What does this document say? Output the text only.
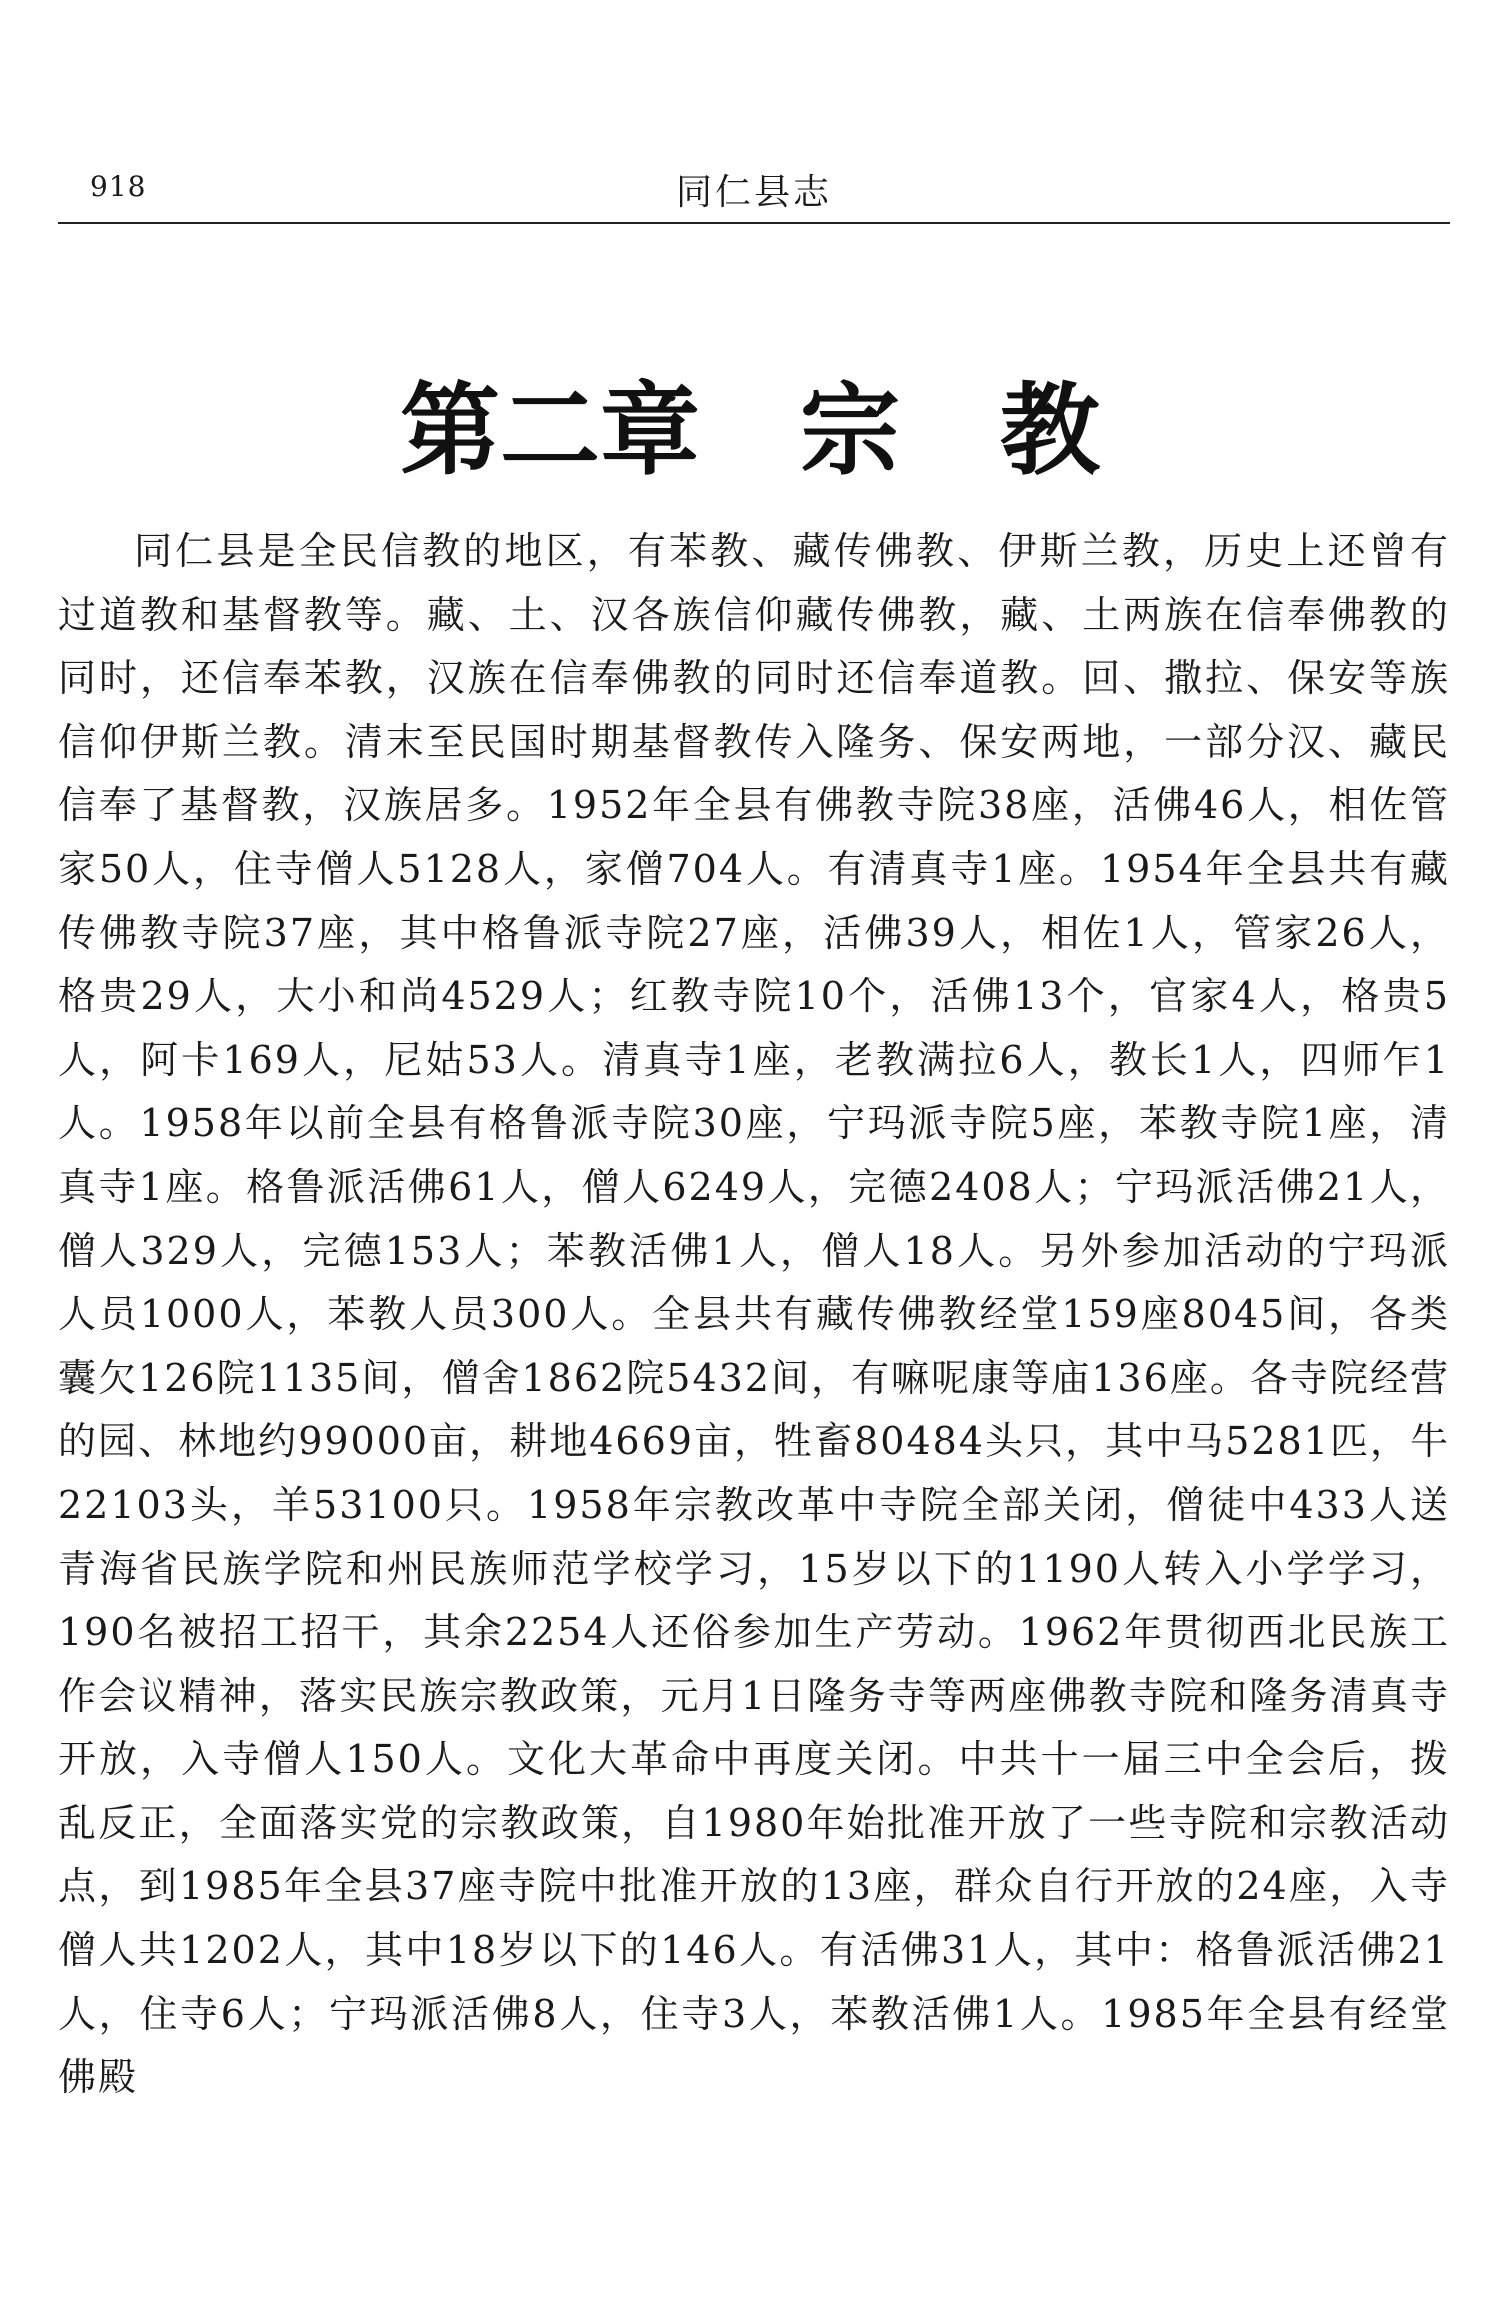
918	同仁县志
第二章　宗　教

同仁县是全民信教的地区，有苯教、藏传佛教、伊斯兰教，历史上还曾有过道教和基督教等。藏、土、汉各族信仰藏传佛教，藏、土两族在信奉佛教的同时，还信奉苯教，汉族在信奉佛教的同时还信奉道教。回、撒拉、保安等族信仰伊斯兰教。清末至民国时期基督教传入隆务、保安两地，一部分汉、藏民信奉了基督教，汉族居多。1952年全县有佛教寺院38座，活佛46人，相佐管家50人，住寺僧人5128人，家僧704人。有清真寺1座。1954年全县共有藏传佛教寺院37座，其中格鲁派寺院27座，活佛39人，相佐1人，管家26人，格贵29人，大小和尚4529人；红教寺院10个，活佛13个，官家4人，格贵5人，阿卡169人，尼姑53人。清真寺1座，老教满拉6人，教长1人，四师乍1人。1958年以前全县有格鲁派寺院30座，宁玛派寺院5座，苯教寺院1座，清真寺1座。格鲁派活佛61人，僧人6249人，完德2408人；宁玛派活佛21人，僧人329人，完德153人；苯教活佛1人，僧人18人。另外参加活动的宁玛派人员1000人，苯教人员300人。全县共有藏传佛教经堂159座8045间，各类囊欠126院1135间，僧舍1862院5432间，有嘛呢康等庙136座。各寺院经营的园、林地约99000亩，耕地4669亩，牲畜80484头只，其中马5281匹，牛22103头，羊53100只。1958年宗教改革中寺院全部关闭，僧徒中433人送青海省民族学院和州民族师范学校学习，15岁以下的1190人转入小学学习，190名被招工招干，其余2254人还俗参加生产劳动。1962年贯彻西北民族工作会议精神，落实民族宗教政策，元月1日隆务寺等两座佛教寺院和隆务清真寺开放，入寺僧人150人。文化大革命中再度关闭。中共十一届三中全会后，拨乱反正，全面落实党的宗教政策，自1980年始批准开放了一些寺院和宗教活动点，到1985年全县37座寺院中批准开放的13座，群众自行开放的24座，入寺僧人共1202人，其中18岁以下的146人。有活佛31人，其中：格鲁派活佛21人，住寺6人；宁玛派活佛8人，住寺3人，苯教活佛1人。1985年全县有经堂佛殿
